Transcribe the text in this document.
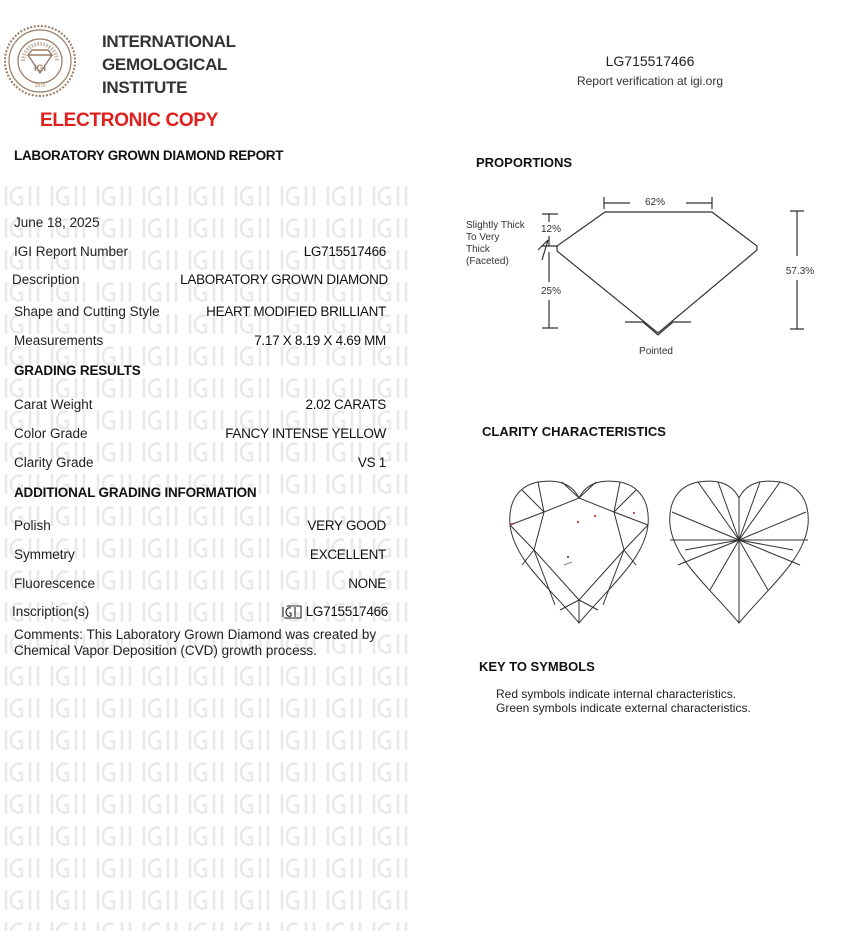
IGI
1975
INTERNATIONAL
GEMOLOGICAL
INSTITUTE
ELECTRONIC COPY
LG715517466
Report verification at igi.org
LABORATORY GROWN DIAMOND REPORT
June 18, 2025
IGI Report Number	LG715517466
Description	LABORATORY GROWN DIAMOND
Shape and Cutting Style	HEART MODIFIED BRILLIANT
Measurements	7.17 X 8.19 X 4.69 MM
GRADING RESULTS
Carat Weight	2.02 CARATS
Color Grade	FANCY INTENSE YELLOW
Clarity Grade	VS 1
ADDITIONAL GRADING INFORMATION
Polish	VERY GOOD
Symmetry	EXCELLENT
Fluorescence	NONE
Inscription(s)	LG715517466
Comments: This Laboratory Grown Diamond was created by Chemical Vapor Deposition (CVD) growth process.
PROPORTIONS
62%
12%
25%
57.3%
Slightly Thick
To Very
Thick
(Faceted)
Pointed
CLARITY CHARACTERISTICS
KEY TO SYMBOLS
Red symbols indicate internal characteristics.
Green symbols indicate external characteristics.
